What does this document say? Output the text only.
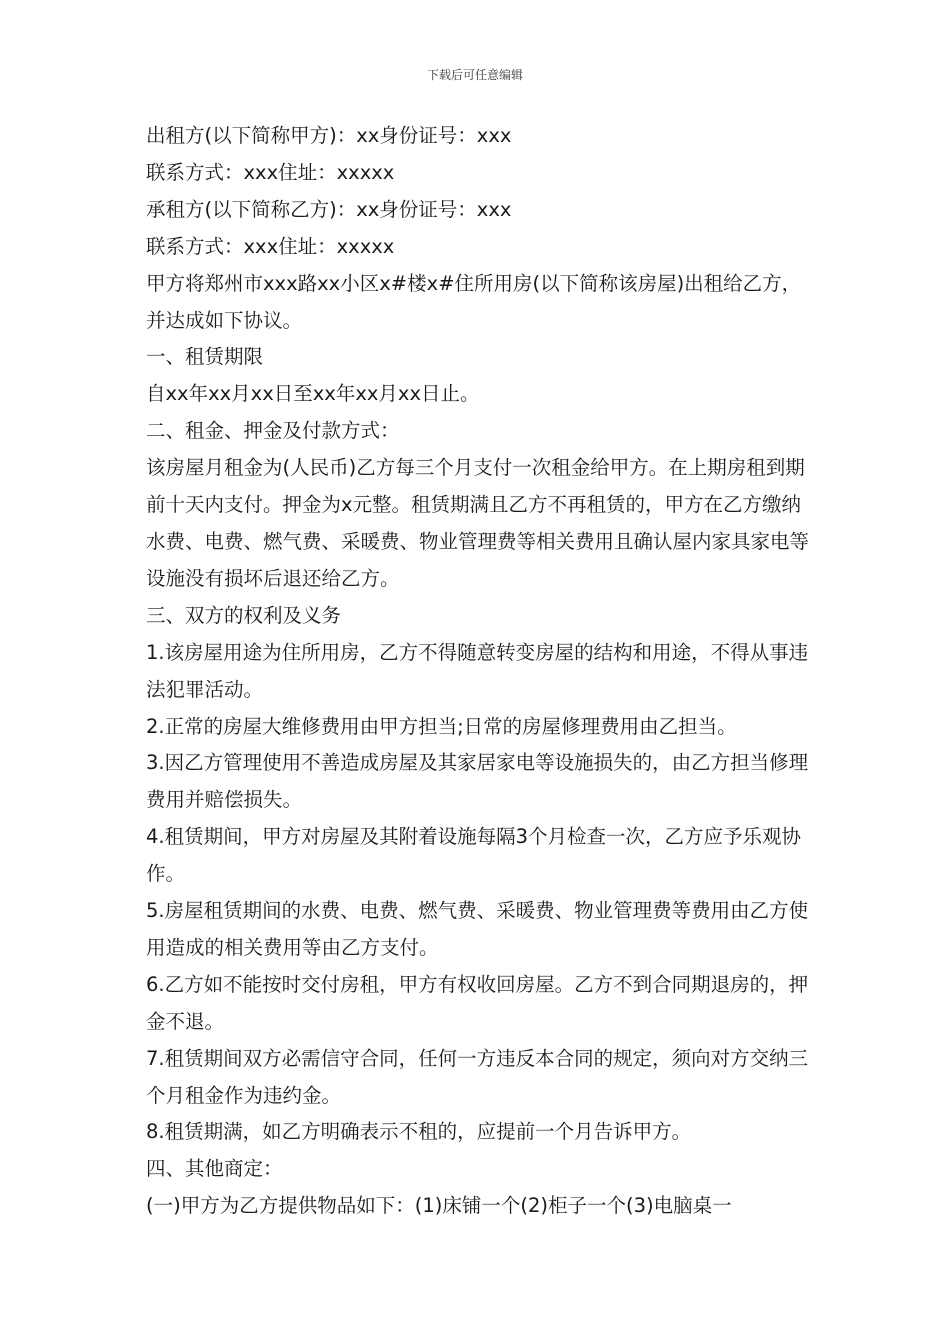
下载后可任意编辑

出租方(以下简称甲方)：xx身份证号：xxx

联系方式：xxx住址：xxxxx

承租方(以下简称乙方)：xx身份证号：xxx

联系方式：xxx住址：xxxxx

甲方将郑州市xxx路xx小区x#楼x#住所用房(以下简称该房屋)出租给乙方，并达成如下协议。

一、租赁期限

自xx年xx月xx日至xx年xx月xx日止。

二、租金、押金及付款方式：

该房屋月租金为(人民币)乙方每三个月支付一次租金给甲方。在上期房租到期前十天内支付。押金为x元整。租赁期满且乙方不再租赁的，甲方在乙方缴纳水费、电费、燃气费、采暖费、物业管理费等相关费用且确认屋内家具家电等设施没有损坏后退还给乙方。

三、双方的权利及义务

1.该房屋用途为住所用房，乙方不得随意转变房屋的结构和用途，不得从事违法犯罪活动。

2.正常的房屋大维修费用由甲方担当;日常的房屋修理费用由乙担当。

3.因乙方管理使用不善造成房屋及其家居家电等设施损失的，由乙方担当修理费用并赔偿损失。

4.租赁期间，甲方对房屋及其附着设施每隔3个月检查一次，乙方应予乐观协作。

5.房屋租赁期间的水费、电费、燃气费、采暖费、物业管理费等费用由乙方使用造成的相关费用等由乙方支付。

6.乙方如不能按时交付房租，甲方有权收回房屋。乙方不到合同期退房的，押金不退。

7.租赁期间双方必需信守合同，任何一方违反本合同的规定，须向对方交纳三个月租金作为违约金。

8.租赁期满，如乙方明确表示不租的，应提前一个月告诉甲方。

四、其他商定：

(一)甲方为乙方提供物品如下：(1)床铺一个(2)柜子一个(3)电脑桌一
